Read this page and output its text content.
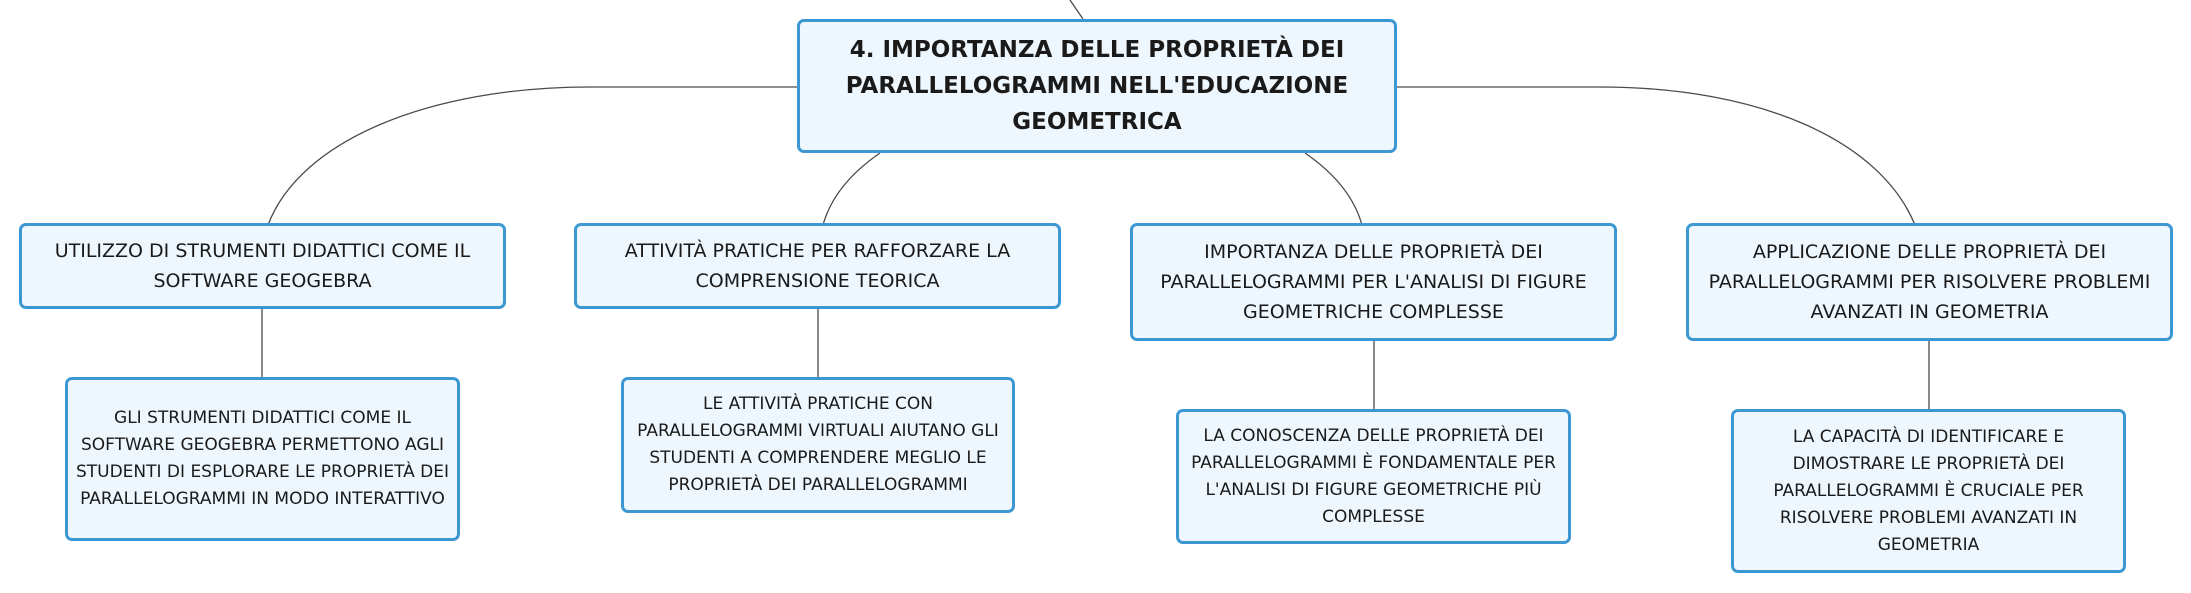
4. IMPORTANZA DELLE PROPRIETÀ DEI PARALLELOGRAMMI NELL'EDUCAZIONE GEOMETRICA
UTILIZZO DI STRUMENTI DIDATTICI COME IL SOFTWARE GEOGEBRA
ATTIVITÀ PRATICHE PER RAFFORZARE LA COMPRENSIONE TEORICA
IMPORTANZA DELLE PROPRIETÀ DEI PARALLELOGRAMMI PER L'ANALISI DI FIGURE GEOMETRICHE COMPLESSE
APPLICAZIONE DELLE PROPRIETÀ DEI PARALLELOGRAMMI PER RISOLVERE PROBLEMI AVANZATI IN GEOMETRIA
GLI STRUMENTI DIDATTICI COME IL SOFTWARE GEOGEBRA PERMETTONO AGLI STUDENTI DI ESPLORARE LE PROPRIETÀ DEI PARALLELOGRAMMI IN MODO INTERATTIVO
LE ATTIVITÀ PRATICHE CON PARALLELOGRAMMI VIRTUALI AIUTANO GLI STUDENTI A COMPRENDERE MEGLIO LE PROPRIETÀ DEI PARALLELOGRAMMI
LA CONOSCENZA DELLE PROPRIETÀ DEI PARALLELOGRAMMI È FONDAMENTALE PER L'ANALISI DI FIGURE GEOMETRICHE PIÙ COMPLESSE
LA CAPACITÀ DI IDENTIFICARE E DIMOSTRARE LE PROPRIETÀ DEI PARALLELOGRAMMI È CRUCIALE PER RISOLVERE PROBLEMI AVANZATI IN GEOMETRIA
